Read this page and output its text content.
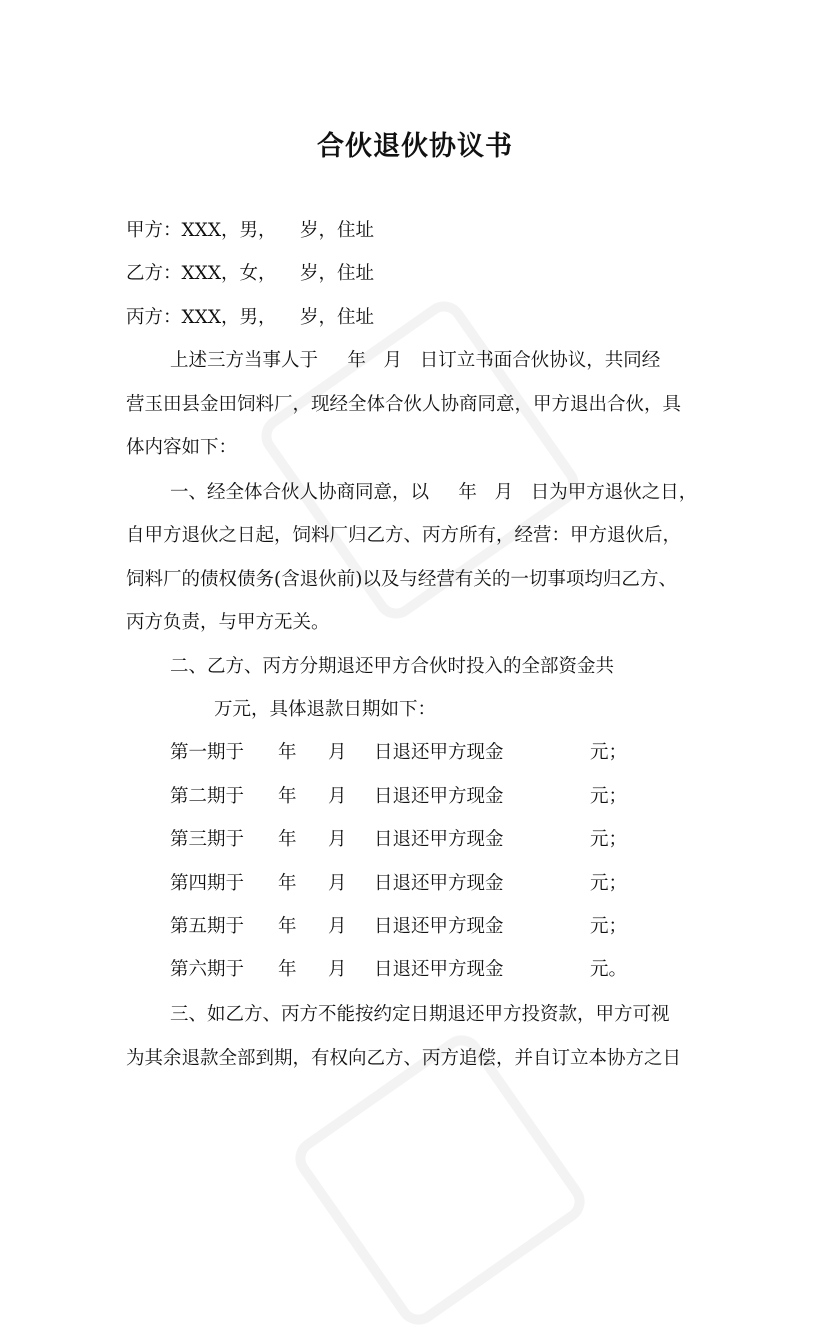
合伙退伙协议书
甲方：XXX，男，    岁，住址
乙方：XXX，女，    岁，住址
丙方：XXX，男，    岁，住址
上述三方当事人于     年   月   日订立书面合伙协议，共同经
营玉田县金田饲料厂，现经全体合伙人协商同意，甲方退出合伙，具
体内容如下：
一、经全体合伙人协商同意，以     年   月   日为甲方退伙之日，
自甲方退伙之日起，饲料厂归乙方、丙方所有，经营：甲方退伙后，
饲料厂的债权债务(含退伙前)以及与经营有关的一切事项均归乙方、
丙方负责，与甲方无关。
二、乙方、丙方分期退还甲方合伙时投入的全部资金共
万元，具体退款日期如下：
第一期于 年 月 日退还甲方现金	元；
第二期于 年 月 日退还甲方现金	元；
第三期于 年 月 日退还甲方现金	元；
第四期于 年 月 日退还甲方现金	元；
第五期于 年 月 日退还甲方现金	元；
第六期于 年 月 日退还甲方现金	元。
三、如乙方、丙方不能按约定日期退还甲方投资款，甲方可视
为其余退款全部到期，有权向乙方、丙方追偿，并自订立本协方之日
